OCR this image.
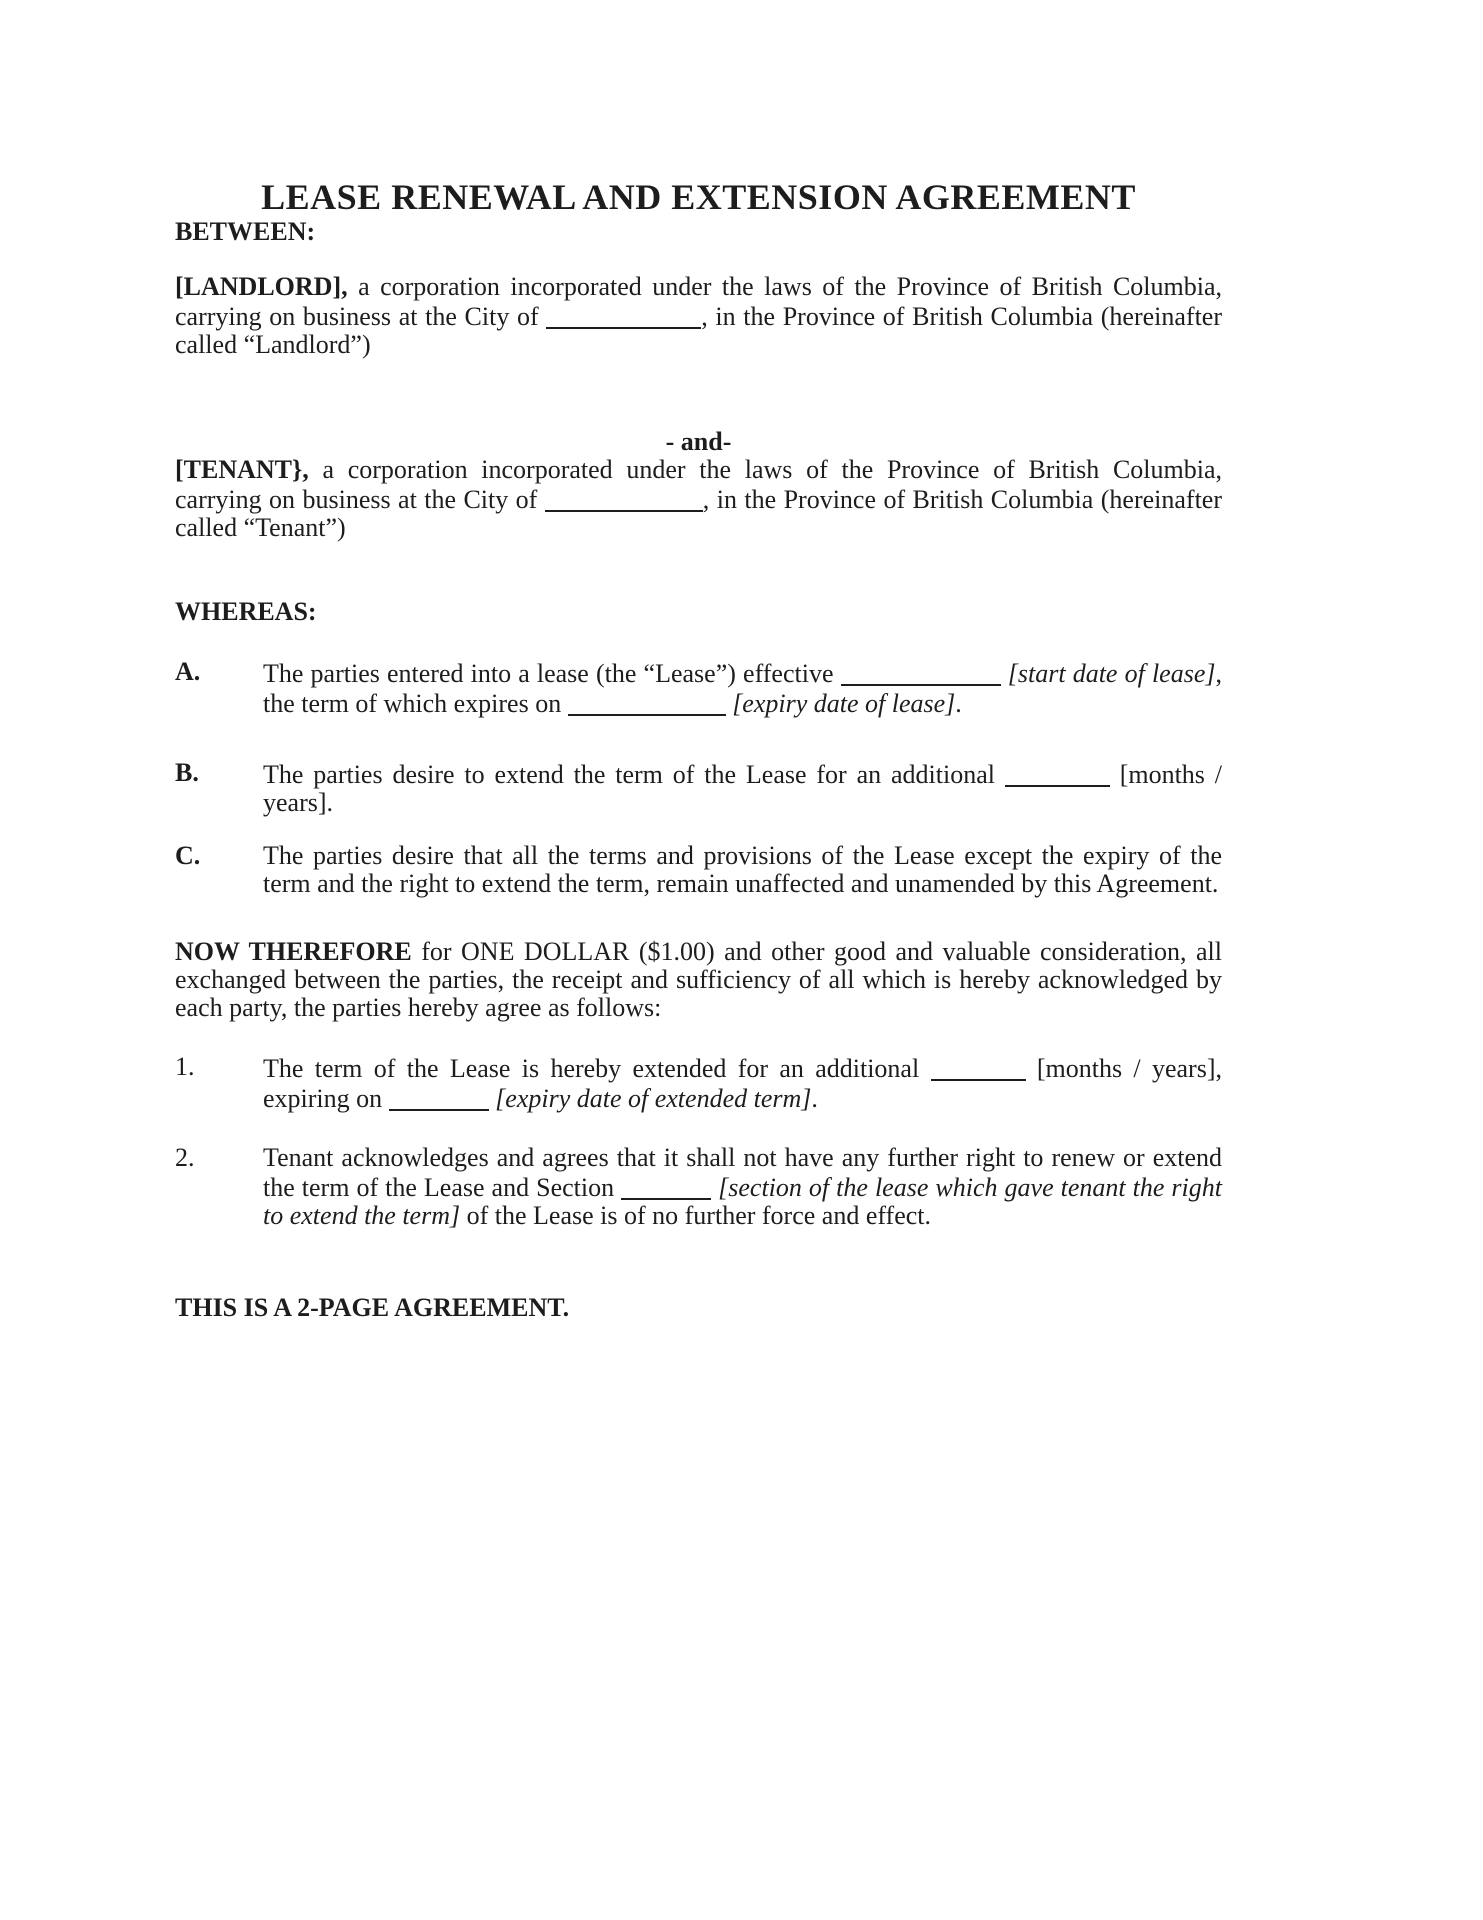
LEASE RENEWAL AND EXTENSION AGREEMENT
BETWEEN:

[LANDLORD], a corporation incorporated under the laws of the Province of British Columbia, carrying on business at the City of	, in the Province of British Columbia (hereinafter called “Landlord”)

- and-

[TENANT}, a corporation incorporated under the laws of the Province of British Columbia, carrying on business at the City of	, in the Province of British Columbia (hereinafter called “Tenant”)

WHEREAS:
A.	The parties entered into a lease (the “Lease”) effective	[start date of lease], the term of which expires on	[expiry date of lease].
B.	The parties desire to extend the term of the Lease for an additional	[months / years].
C.	The parties desire that all the terms and provisions of the Lease except the expiry of the term and the right to extend the term, remain unaffected and unamended by this Agreement.

NOW THEREFORE for ONE DOLLAR ($1.00) and other good and valuable consideration, all exchanged between the parties, the receipt and sufficiency of all which is hereby acknowledged by each party, the parties hereby agree as follows:

1.	The term of the Lease is hereby extended for an additional	[months / years], expiring on	[expiry date of extended term].
2.	Tenant acknowledges and agrees that it shall not have any further right to renew or extend the term of the Lease and Section	[section of the lease which gave tenant the right to extend the term] of the Lease is of no further force and effect.
THIS IS A 2-PAGE AGREEMENT.
